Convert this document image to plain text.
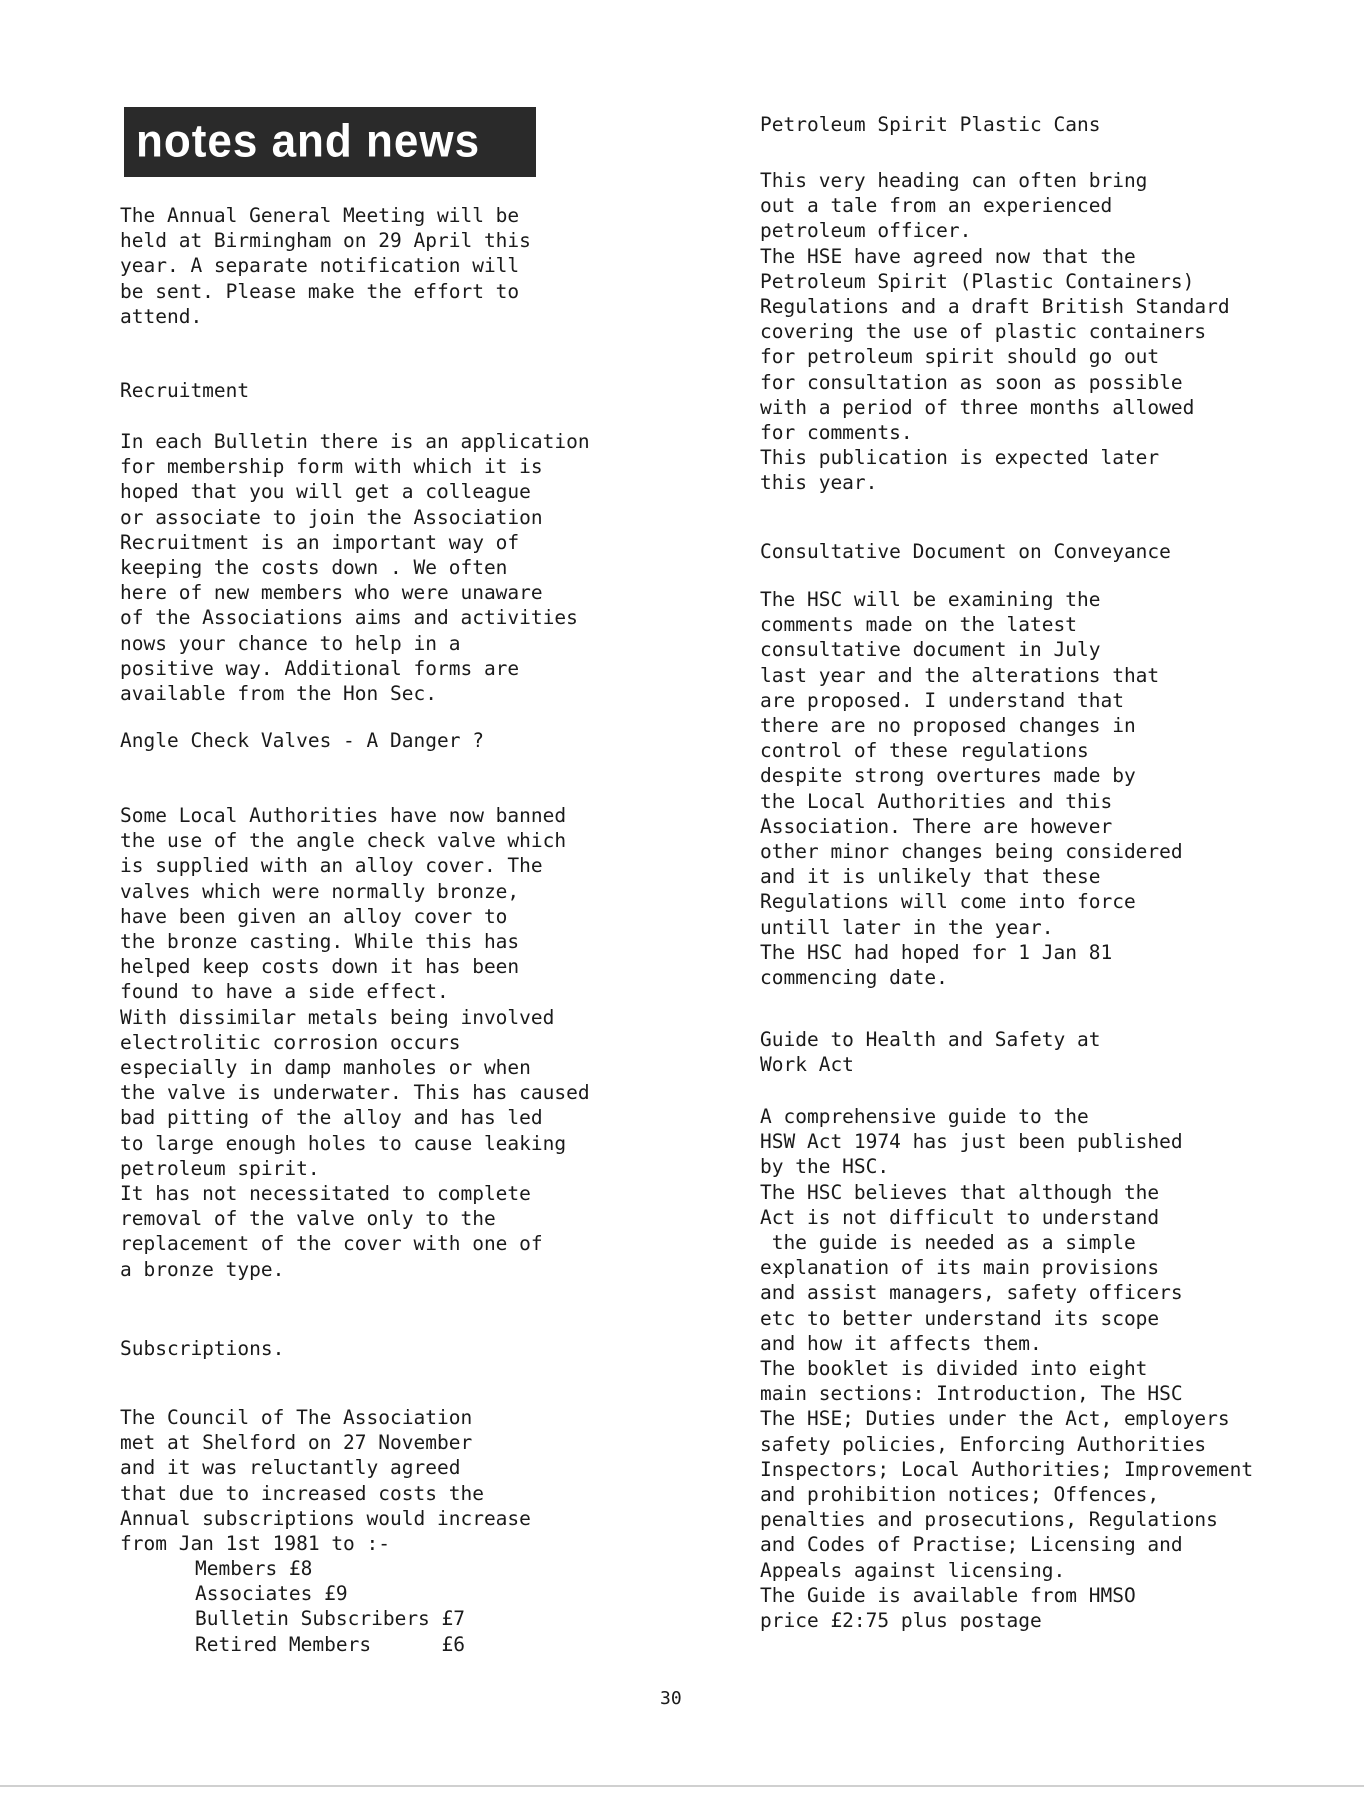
notes and news
The Annual General Meeting will be
held at Birmingham on 29 April this
year. A separate notification will
be sent. Please make the effort to
attend.
Recruitment
In each Bulletin there is an application
for membership form with which it is
hoped that you will get a colleague
or associate to join the Association
Recruitment is an important way of
keeping the costs down . We often
here of new members who were unaware
of the Associations aims and activities
nows your chance to help in a
positive way. Additional forms are
available from the Hon Sec.
Angle Check Valves - A Danger ?
Some Local Authorities have now banned
the use of the angle check valve which
is supplied with an alloy cover. The
valves which were normally bronze,
have been given an alloy cover to
the bronze casting. While this has
helped keep costs down it has been
found to have a side effect.
With dissimilar metals being involved
electrolitic corrosion occurs
especially in damp manholes or when
the valve is underwater. This has caused
bad pitting of the alloy and has led
to large enough holes to cause leaking
petroleum spirit.
It has not necessitated to complete
removal of the valve only to the
replacement of the cover with one of
a bronze type.
Subscriptions.
The Council of The Association
met at Shelford on 27 November
and it was reluctantly agreed
that due to increased costs the
Annual subscriptions would increase
from Jan 1st 1981 to :-
Members £8
Associates £9
Bulletin Subscribers £7
Retired Members      £6
Petroleum Spirit Plastic Cans
This very heading can often bring
out a tale from an experienced
petroleum officer.
The HSE have agreed now that the
Petroleum Spirit (Plastic Containers)
Regulations and a draft British Standard
covering the use of plastic containers
for petroleum spirit should go out
for consultation as soon as possible
with a period of three months allowed
for comments.
This publication is expected later
this year.
Consultative Document on Conveyance
The HSC will be examining the
comments made on the latest
consultative document in July
last year and the alterations that
are proposed. I understand that
there are no proposed changes in
control of these regulations
despite strong overtures made by
the Local Authorities and this
Association. There are however
other minor changes being considered
and it is unlikely that these
Regulations will come into force
untill later in the year.
The HSC had hoped for 1 Jan 81
commencing date.
Guide to Health and Safety at
Work Act
A comprehensive guide to the
HSW Act 1974 has just been published
by the HSC.
The HSC believes that although the
Act is not difficult to understand
the guide is needed as a simple
explanation of its main provisions
and assist managers, safety officers
etc to better understand its scope
and how it affects them.
The booklet is divided into eight
main sections: Introduction, The HSC
The HSE; Duties under the Act, employers
safety policies, Enforcing Authorities
Inspectors; Local Authorities; Improvement
and prohibition notices; Offences,
penalties and prosecutions, Regulations
and Codes of Practise; Licensing and
Appeals against licensing.
The Guide is available from HMSO
price £2:75 plus postage
30
